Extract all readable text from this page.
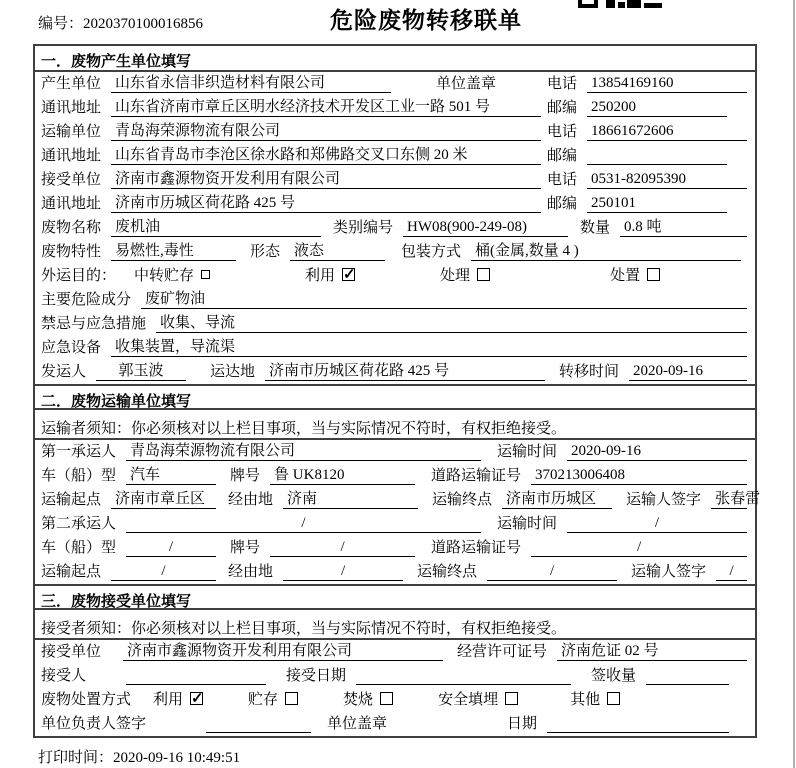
编号：2020370100016856	危险废物转移联单
一．废物产生单位填写
产生单位 山东省永信非织造材料有限公司	单位盖章	电话 13854169160
通讯地址 山东省济南市章丘区明水经济技术开发区工业一路 501 号	邮编 250200
运输单位 青岛海荣源物流有限公司	电话 18661672606
通讯地址 山东省青岛市李沧区徐水路和郑佛路交叉口东侧 20 米	邮编
接受单位 济南市鑫源物资开发利用有限公司	电话 0531-82095390
通讯地址 济南市历城区荷花路 425 号	邮编 250101
废物名称 废机油	类别编号 HW08(900-249-08)	数量 0.8 吨
废物特性 易燃性,毒性	形态 液态	包装方式 桶(金属,数量 4 )
外运目的： 中转贮存	利用 ✓	处理	处置
主要危险成分 废矿物油
禁忌与应急措施 收集、导流
应急设备 收集装置，导流渠
发运人	郭玉波	运达地 济南市历城区荷花路 425 号	转移时间 2020-09-16
二．废物运输单位填写
运输者须知：你必须核对以上栏目事项，当与实际情况不符时，有权拒绝接受。
第一承运人 青岛海荣源物流有限公司	运输时间 2020-09-16
车（船）型 汽车	牌号 鲁 UK8120	道路运输证号 370213006408
运输起点 济南市章丘区	经由地 济南	运输终点 济南市历城区	运输人签字 张春雷
第二承运人	/	运输时间	/
车（船）型	/	牌号	/	道路运输证号	/
运输起点	/	经由地	/	运输终点	/	运输人签字	/
三．废物接受单位填写
接受者须知：你必须核对以上栏目事项，当与实际情况不符时，有权拒绝接受。
接受单位 济南市鑫源物资开发利用有限公司	经营许可证号 济南危证 02 号
接受人	接受日期	签收量
废物处置方式 利用 ✓	贮存	焚烧	安全填埋	其他
单位负责人签字	单位盖章	日期
打印时间：2020-09-16 10:49:51
